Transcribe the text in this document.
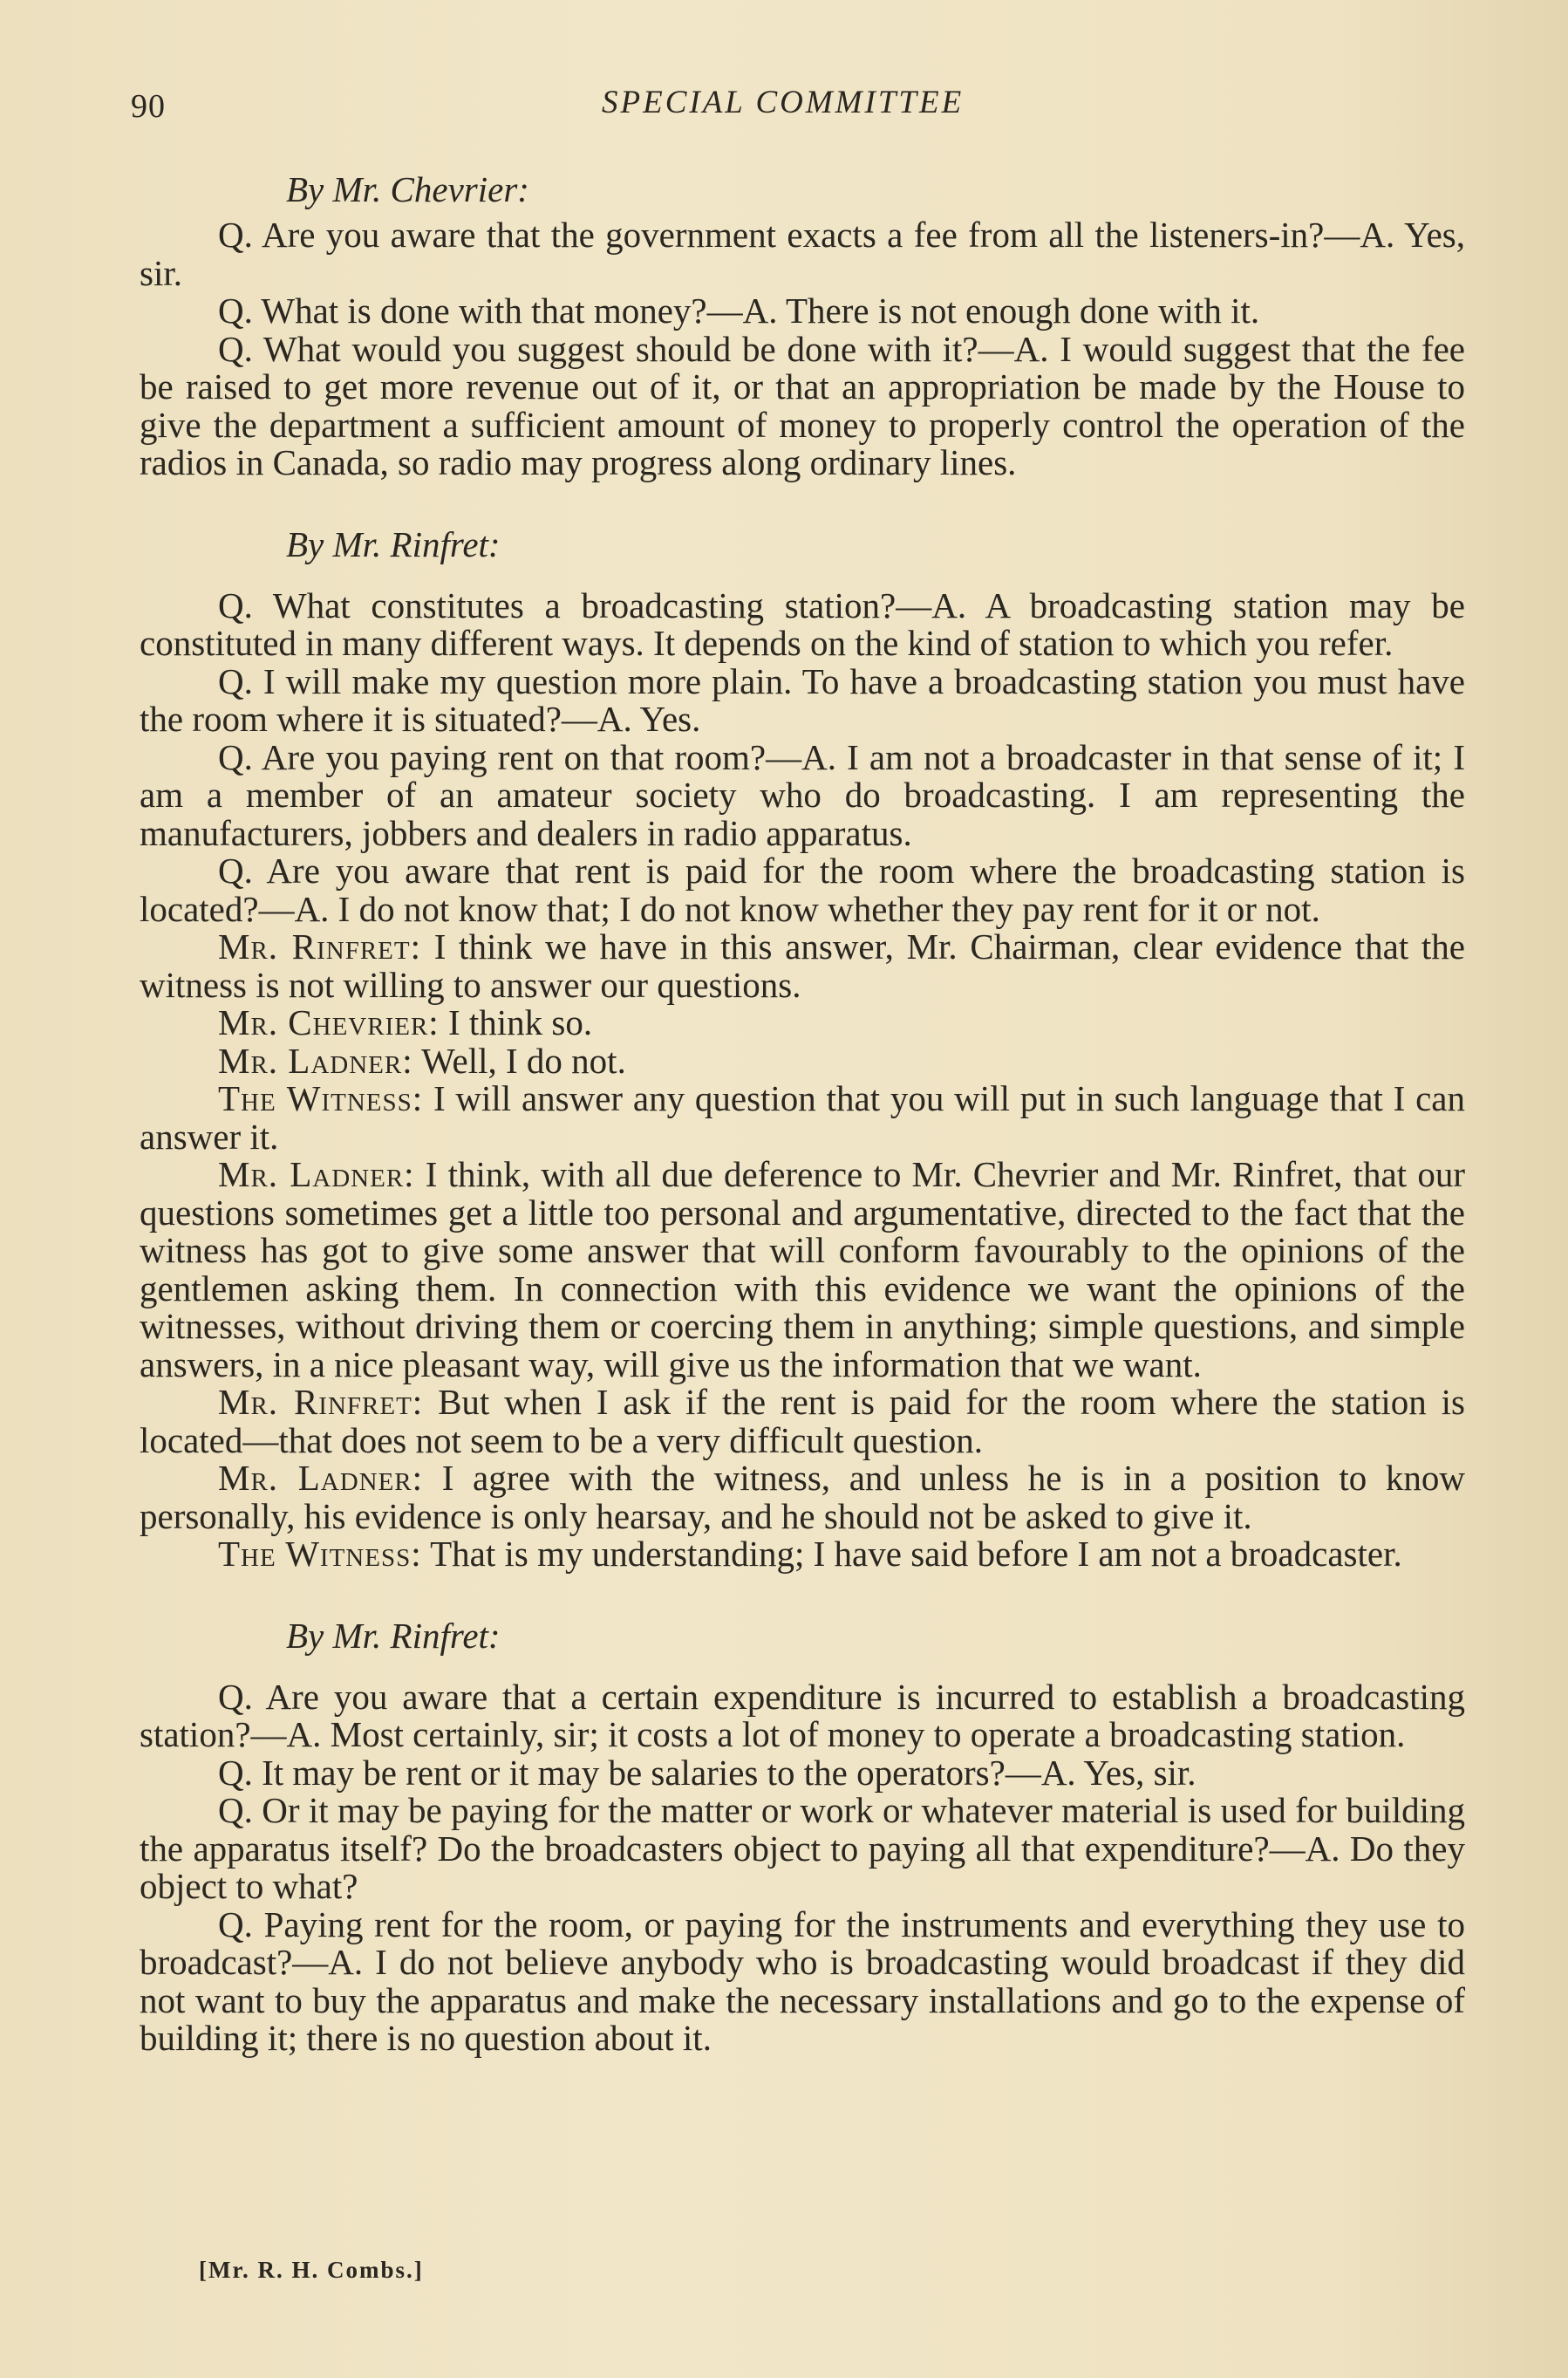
90	SPECIAL COMMITTEE
By Mr. Chevrier:

Q. Are you aware that the government exacts a fee from all the listeners-in?—A. Yes, sir.

Q. What is done with that money?—A. There is not enough done with it.

Q. What would you suggest should be done with it?—A. I would suggest that the fee be raised to get more revenue out of it, or that an appropriation be made by the House to give the department a sufficient amount of money to properly control the operation of the radios in Canada, so radio may progress along ordinary lines.

By Mr. Rinfret:

Q. What constitutes a broadcasting station?—A. A broadcasting station may be constituted in many different ways. It depends on the kind of station to which you refer.

Q. I will make my question more plain. To have a broadcasting station you must have the room where it is situated?—A. Yes.

Q. Are you paying rent on that room?—A. I am not a broadcaster in that sense of it; I am a member of an amateur society who do broadcasting. I am representing the manufacturers, jobbers and dealers in radio apparatus.

Q. Are you aware that rent is paid for the room where the broadcasting station is located?—A. I do not know that; I do not know whether they pay rent for it or not.

Mr. Rinfret: I think we have in this answer, Mr. Chairman, clear evidence that the witness is not willing to answer our questions.

Mr. Chevrier: I think so.

Mr. Ladner: Well, I do not.

The Witness: I will answer any question that you will put in such language that I can answer it.

Mr. Ladner: I think, with all due deference to Mr. Chevrier and Mr. Rinfret, that our questions sometimes get a little too personal and argumentative, directed to the fact that the witness has got to give some answer that will conform favourably to the opinions of the gentlemen asking them. In connection with this evidence we want the opinions of the witnesses, without driving them or coercing them in anything; simple questions, and simple answers, in a nice pleasant way, will give us the information that we want.

Mr. Rinfret: But when I ask if the rent is paid for the room where the station is located—that does not seem to be a very difficult question.

Mr. Ladner: I agree with the witness, and unless he is in a position to know personally, his evidence is only hearsay, and he should not be asked to give it.

The Witness: That is my understanding; I have said before I am not a broadcaster.

By Mr. Rinfret:

Q. Are you aware that a certain expenditure is incurred to establish a broadcasting station?—A. Most certainly, sir; it costs a lot of money to operate a broadcasting station.

Q. It may be rent or it may be salaries to the operators?—A. Yes, sir.

Q. Or it may be paying for the matter or work or whatever material is used for building the apparatus itself? Do the broadcasters object to paying all that expenditure?—A. Do they object to what?

Q. Paying rent for the room, or paying for the instruments and everything they use to broadcast?—A. I do not believe anybody who is broadcasting would broadcast if they did not want to buy the apparatus and make the necessary installations and go to the expense of building it; there is no question about it.

[Mr. R. H. Combs.]
